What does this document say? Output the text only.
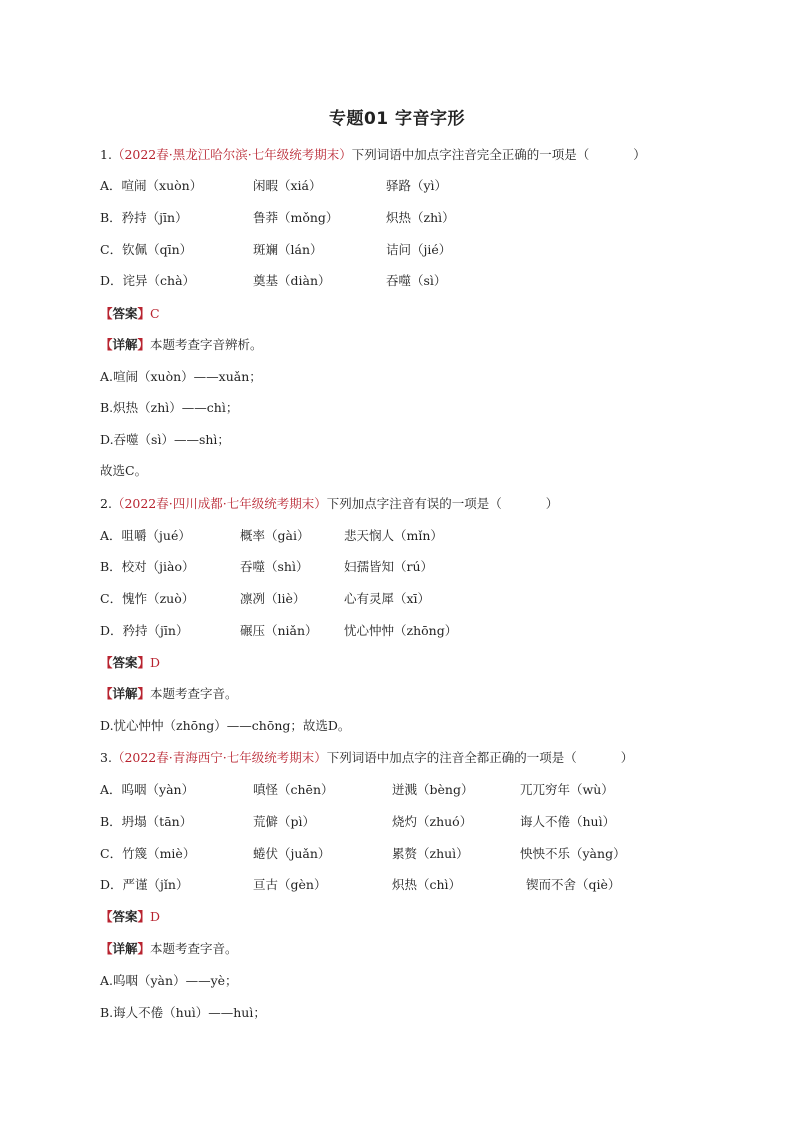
专题01 字音字形
1.（2022春·黑龙江哈尔滨·七年级统考期末）下列词语中加点字注音完全正确的一项是（	）
A．喧闹（xuòn）	闲暇（xiá）	驿路（yì）
B．矜持（jīn）	鲁莽（mǒng）	炽热（zhì）
C．钦佩（qīn）	斑斓（lán）	诘问（jié）
D．诧异（chà）	奠基（diàn）	吞噬（sì）
【答案】C
【详解】本题考查字音辨析。
A.喧闹（xuòn）——xuǎn；
B.炽热（zhì）——chì；
D.吞噬（sì）——shì；
故选C。
2.（2022春·四川成都·七年级统考期末）下列加点字注音有误的一项是（	）
A．咀嚼（jué）	概率（gài）	悲天悯人（mǐn）
B．校对（jiào）	吞噬（shì）	妇孺皆知（rú）
C．愧怍（zuò）	凛冽（liè）	心有灵犀（xī）
D．矜持（jīn）	碾压（niǎn） 忧心忡忡（zhōng）
【答案】D
【详解】本题考查字音。
D.忧心忡忡（zhōng）——chōng；故选D。
3.（2022春·青海西宁·七年级统考期末）下列词语中加点字的注音全都正确的一项是（	）
A．呜咽（yàn）	嗔怪（chēn）	迸溅（bèng）	兀兀穷年（wù）
B．坍塌（tān）	荒僻（pì）	烧灼（zhuó）	诲人不倦（huì）
C．竹篾（miè）	蜷伏（juǎn）	累赘（zhuì）	怏怏不乐（yàng）
D．严谨（jǐn）	亘古（gèn）	炽热（chì）	锲而不舍（qiè）
【答案】D
【详解】本题考查字音。
A.呜咽（yàn）——yè；
B.诲人不倦（huì）——huì；
